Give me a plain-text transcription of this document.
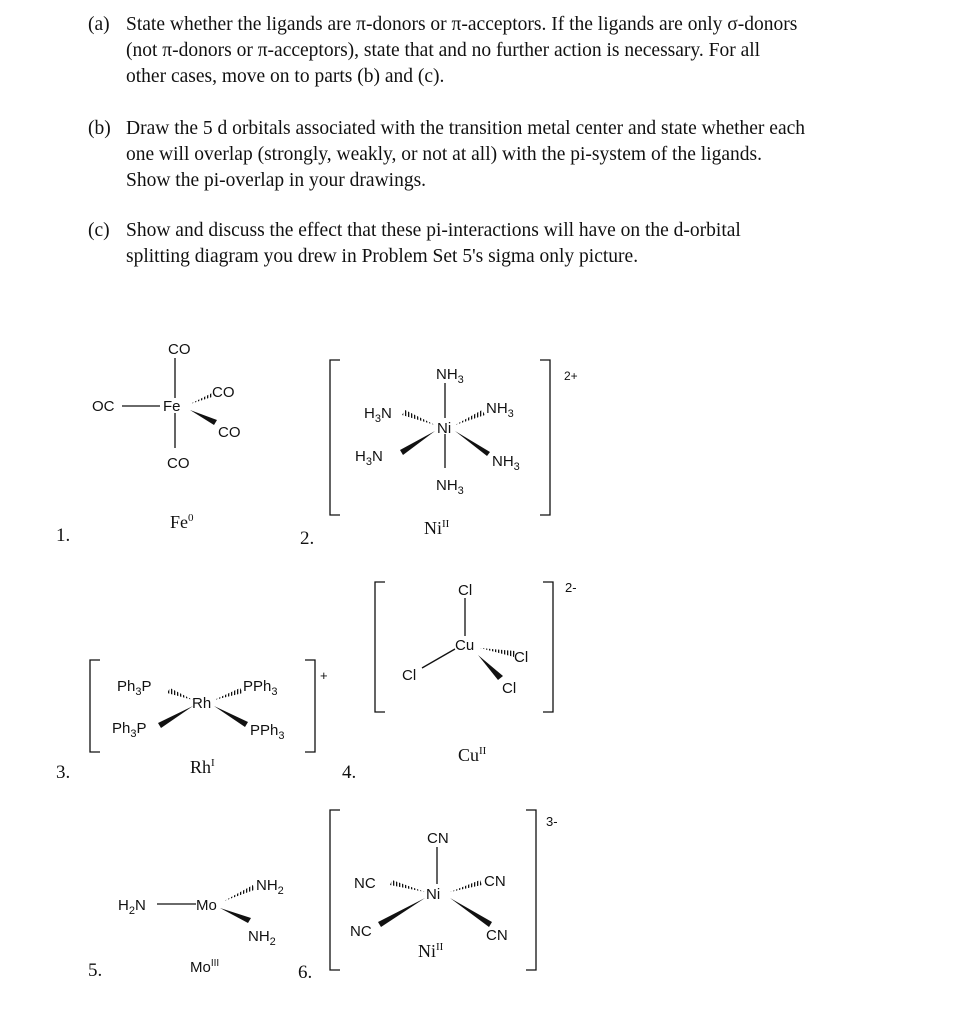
(a) State whether the ligands are π-donors or π-acceptors. If the ligands are only σ-donors
(not π-donors or π-acceptors), state that and no further action is necessary. For all
other cases, move on to parts (b) and (c).
(b) Draw the 5 d orbitals associated with the transition metal center and state whether each
one will overlap (strongly, weakly, or not at all) with the pi-system of the ligands.
Show the pi-overlap in your drawings.
(c) Show and discuss the effect that these pi-interactions will have on the d-orbital
splitting diagram you drew in Problem Set 5's sigma only picture.
1.	2.
3.	4.
5.	6.
Fe$^0$	$Ni^{II}$
$Rh^I$	$Cu^{II}$
$Mo^{III}$
$Ni^{II}$
CO
OC	Fe
CO
CO
CO
2+
$NH_3$
$H_3N$	$NH_3$
Ni
$H_3N$	$NH_3$
$NH_3$
+
$Ph_3P$	PPh$_3$
Rh
$Ph_3P$	PPh$_3$
2-
Cl
Cu
Cl
Cl
Cl
$H_2N$	Mo
$NH_2$
$NH_2$
3-
CN
NC
Ni
CN
NC	CN
